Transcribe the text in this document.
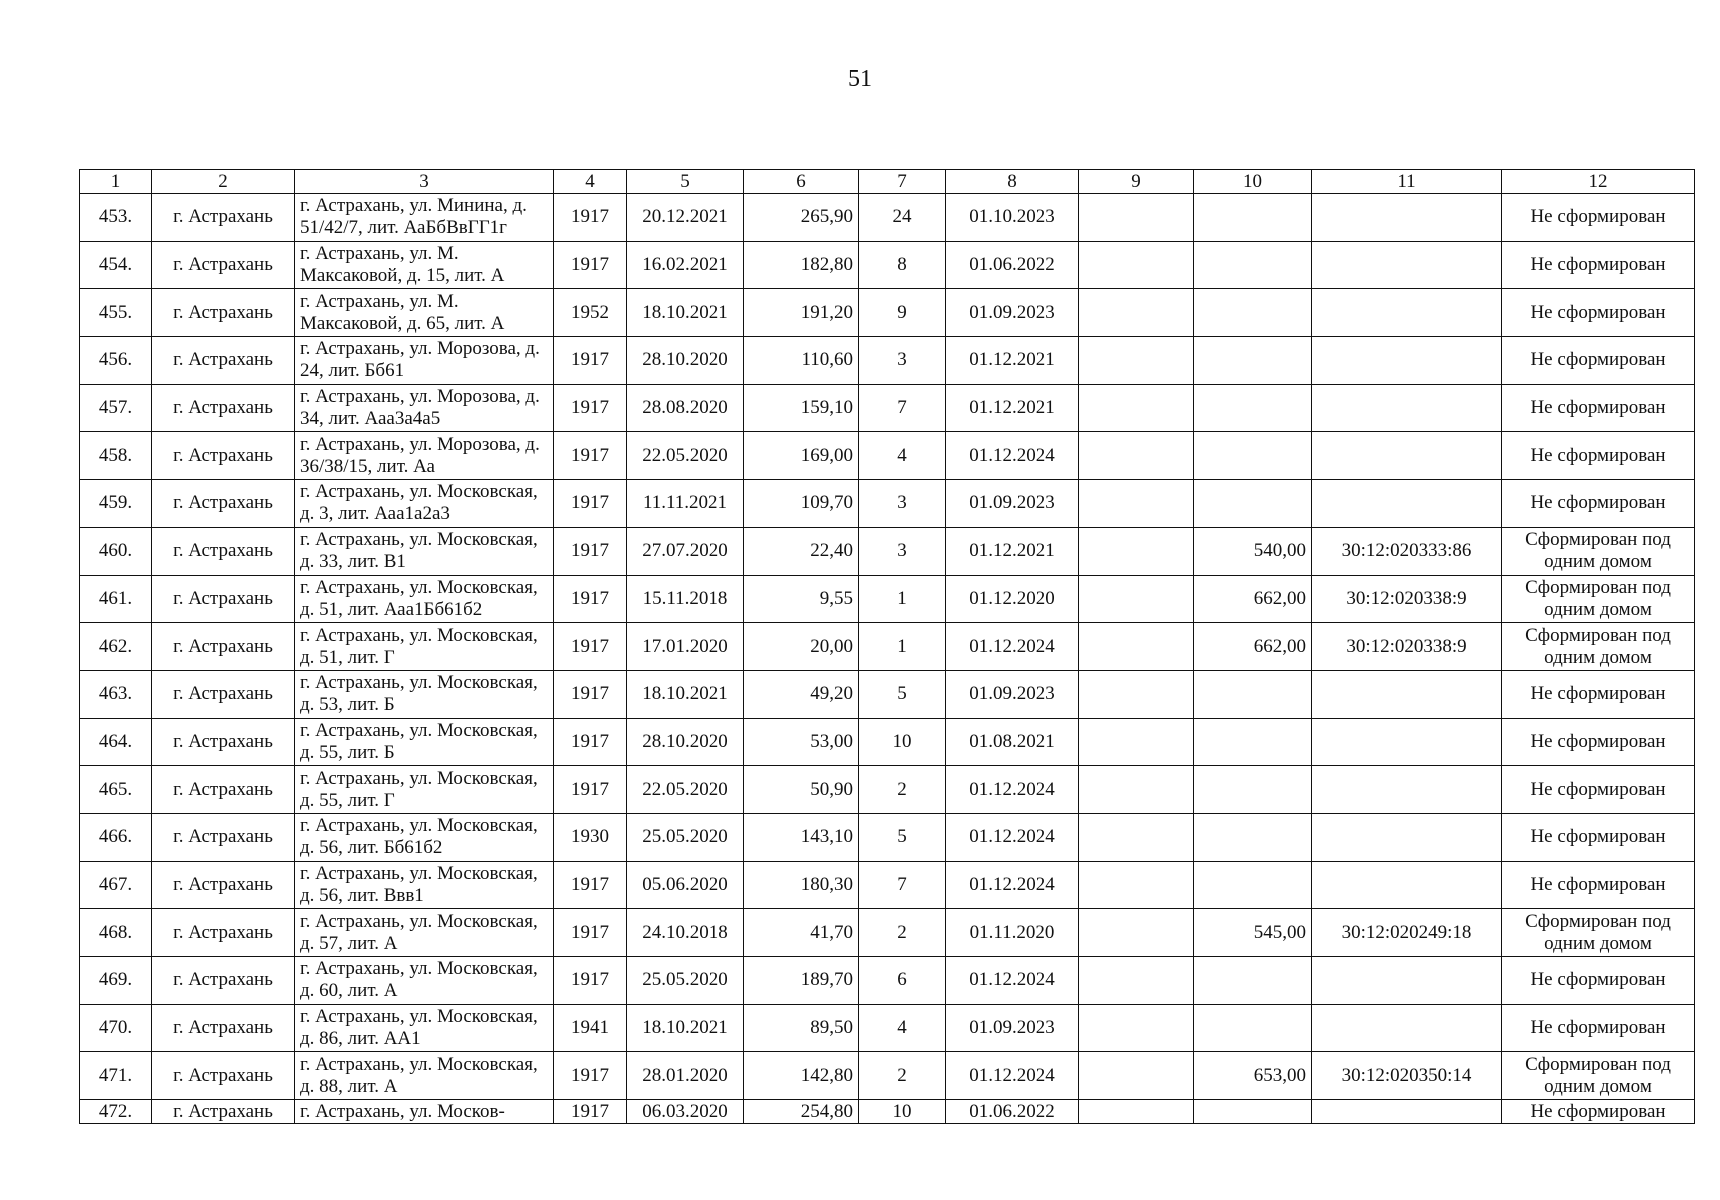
51
1	2	3	4	5	6	7	8	9	10	11	12
453.	г. Астрахань	г. Астрахань, ул. Минина, д. 51/42/7, лит. АаБбВвГГ1г	1917	20.12.2021	265,90	24	01.10.2023				Не сформирован
454.	г. Астрахань	г. Астрахань, ул. М. Максаковой, д. 15, лит. А	1917	16.02.2021	182,80	8	01.06.2022				Не сформирован
455.	г. Астрахань	г. Астрахань, ул. М. Максаковой, д. 65, лит. А	1952	18.10.2021	191,20	9	01.09.2023				Не сформирован
456.	г. Астрахань	г. Астрахань, ул. Морозова, д. 24, лит. Бб61	1917	28.10.2020	110,60	3	01.12.2021				Не сформирован
457.	г. Астрахань	г. Астрахань, ул. Морозова, д. 34, лит. Ааа3а4а5	1917	28.08.2020	159,10	7	01.12.2021				Не сформирован
458.	г. Астрахань	г. Астрахань, ул. Морозова, д. 36/38/15, лит. Аа	1917	22.05.2020	169,00	4	01.12.2024				Не сформирован
459.	г. Астрахань	г. Астрахань, ул. Московская, д. 3, лит. Ааа1а2а3	1917	11.11.2021	109,70	3	01.09.2023				Не сформирован
460.	г. Астрахань	г. Астрахань, ул. Московская, д. 33, лит. В1	1917	27.07.2020	22,40	3	01.12.2021		540,00	30:12:020333:86	Сформирован под одним домом
461.	г. Астрахань	г. Астрахань, ул. Московская, д. 51, лит. Ааа1Бб61б2	1917	15.11.2018	9,55	1	01.12.2020		662,00	30:12:020338:9	Сформирован под одним домом
462.	г. Астрахань	г. Астрахань, ул. Московская, д. 51, лит. Г	1917	17.01.2020	20,00	1	01.12.2024		662,00	30:12:020338:9	Сформирован под одним домом
463.	г. Астрахань	г. Астрахань, ул. Московская, д. 53, лит. Б	1917	18.10.2021	49,20	5	01.09.2023				Не сформирован
464.	г. Астрахань	г. Астрахань, ул. Московская, д. 55, лит. Б	1917	28.10.2020	53,00	10	01.08.2021				Не сформирован
465.	г. Астрахань	г. Астрахань, ул. Московская, д. 55, лит. Г	1917	22.05.2020	50,90	2	01.12.2024				Не сформирован
466.	г. Астрахань	г. Астрахань, ул. Московская, д. 56, лит. Бб61б2	1930	25.05.2020	143,10	5	01.12.2024				Не сформирован
467.	г. Астрахань	г. Астрахань, ул. Московская, д. 56, лит. Ввв1	1917	05.06.2020	180,30	7	01.12.2024				Не сформирован
468.	г. Астрахань	г. Астрахань, ул. Московская, д. 57, лит. А	1917	24.10.2018	41,70	2	01.11.2020		545,00	30:12:020249:18	Сформирован под одним домом
469.	г. Астрахань	г. Астрахань, ул. Московская, д. 60, лит. А	1917	25.05.2020	189,70	6	01.12.2024				Не сформирован
470.	г. Астрахань	г. Астрахань, ул. Московская, д. 86, лит. АА1	1941	18.10.2021	89,50	4	01.09.2023				Не сформирован
471.	г. Астрахань	г. Астрахань, ул. Московская, д. 88, лит. А	1917	28.01.2020	142,80	2	01.12.2024		653,00	30:12:020350:14	Сформирован под одним домом
472.	г. Астрахань	г. Астрахань, ул. Москов-	1917	06.03.2020	254,80	10	01.06.2022				Не сформирован
